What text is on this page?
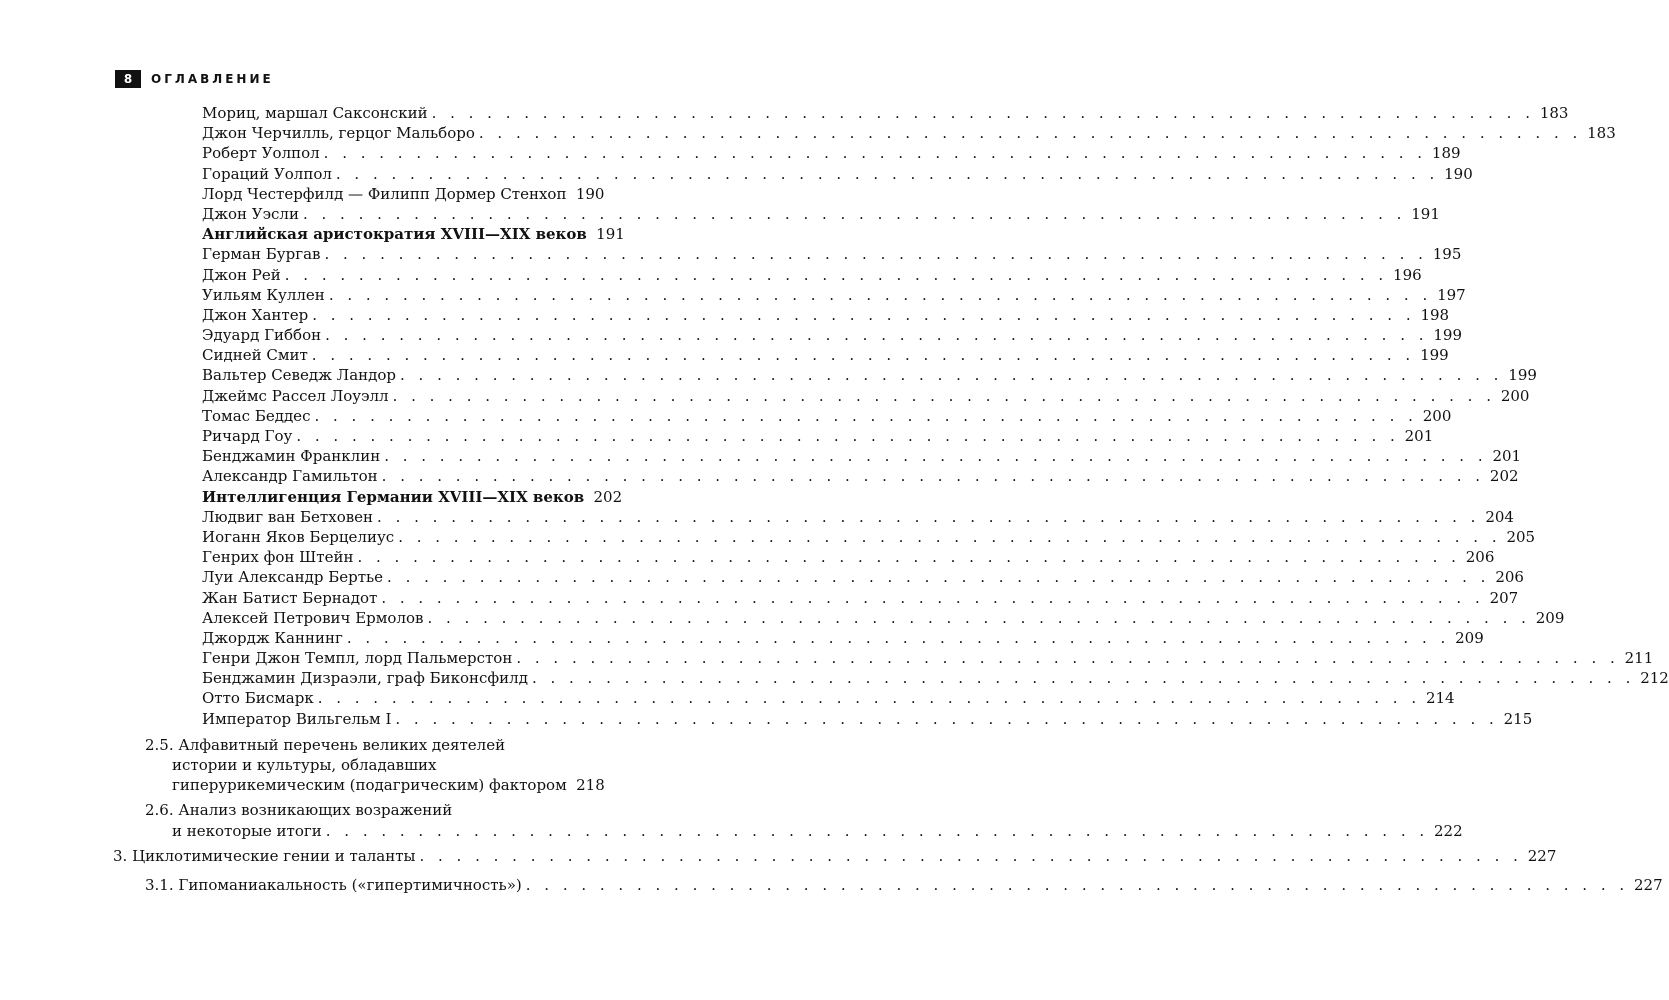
8	ОГЛАВЛЕНИЕ
Мориц, маршал Саксонский . . . . . . . . . . . . . . . . . . . . . . . . . . . . . . . . . . . . . . . . . . . . . . . . . . . . . . . . . . . . 183
Джон Черчилль, герцог Мальборо . . . . . . . . . . . . . . . . . . . . . . . . . . . . . . . . . . . . . . . . . . . . . . . . . . . . . . . . . . . . 183
Роберт Уолпол . . . . . . . . . . . . . . . . . . . . . . . . . . . . . . . . . . . . . . . . . . . . . . . . . . . . . . . . . . . . 189
Гораций Уолпол . . . . . . . . . . . . . . . . . . . . . . . . . . . . . . . . . . . . . . . . . . . . . . . . . . . . . . . . . . . . 190
Лорд Честерфилд — Филипп Дормер Стенхоп 190
Джон Уэсли . . . . . . . . . . . . . . . . . . . . . . . . . . . . . . . . . . . . . . . . . . . . . . . . . . . . . . . . . . . . 191
Английская аристократия XVIII—XIX веков 191
Герман Бургав . . . . . . . . . . . . . . . . . . . . . . . . . . . . . . . . . . . . . . . . . . . . . . . . . . . . . . . . . . . . 195
Джон Рей . . . . . . . . . . . . . . . . . . . . . . . . . . . . . . . . . . . . . . . . . . . . . . . . . . . . . . . . . . . . 196
Уильям Куллен . . . . . . . . . . . . . . . . . . . . . . . . . . . . . . . . . . . . . . . . . . . . . . . . . . . . . . . . . . . . 197
Джон Хантер . . . . . . . . . . . . . . . . . . . . . . . . . . . . . . . . . . . . . . . . . . . . . . . . . . . . . . . . . . . . 198
Эдуард Гиббон . . . . . . . . . . . . . . . . . . . . . . . . . . . . . . . . . . . . . . . . . . . . . . . . . . . . . . . . . . . . 199
Сидней Смит . . . . . . . . . . . . . . . . . . . . . . . . . . . . . . . . . . . . . . . . . . . . . . . . . . . . . . . . . . . . 199
Вальтер Севедж Ландор . . . . . . . . . . . . . . . . . . . . . . . . . . . . . . . . . . . . . . . . . . . . . . . . . . . . . . . . . . . . 199
Джеймс Рассел Лоуэлл . . . . . . . . . . . . . . . . . . . . . . . . . . . . . . . . . . . . . . . . . . . . . . . . . . . . . . . . . . . . 200
Томас Беддес . . . . . . . . . . . . . . . . . . . . . . . . . . . . . . . . . . . . . . . . . . . . . . . . . . . . . . . . . . . . 200
Ричард Гоу . . . . . . . . . . . . . . . . . . . . . . . . . . . . . . . . . . . . . . . . . . . . . . . . . . . . . . . . . . . . 201
Бенджамин Франклин . . . . . . . . . . . . . . . . . . . . . . . . . . . . . . . . . . . . . . . . . . . . . . . . . . . . . . . . . . . . 201
Александр Гамильтон . . . . . . . . . . . . . . . . . . . . . . . . . . . . . . . . . . . . . . . . . . . . . . . . . . . . . . . . . . . . 202
Интеллигенция Германии XVIII—XIX веков 202
Людвиг ван Бетховен . . . . . . . . . . . . . . . . . . . . . . . . . . . . . . . . . . . . . . . . . . . . . . . . . . . . . . . . . . . . 204
Иоганн Яков Берцелиус . . . . . . . . . . . . . . . . . . . . . . . . . . . . . . . . . . . . . . . . . . . . . . . . . . . . . . . . . . . . 205
Генрих фон Штейн . . . . . . . . . . . . . . . . . . . . . . . . . . . . . . . . . . . . . . . . . . . . . . . . . . . . . . . . . . . . 206
Луи Александр Бертье . . . . . . . . . . . . . . . . . . . . . . . . . . . . . . . . . . . . . . . . . . . . . . . . . . . . . . . . . . . . 206
Жан Батист Бернадот . . . . . . . . . . . . . . . . . . . . . . . . . . . . . . . . . . . . . . . . . . . . . . . . . . . . . . . . . . . . 207
Алексей Петрович Ермолов . . . . . . . . . . . . . . . . . . . . . . . . . . . . . . . . . . . . . . . . . . . . . . . . . . . . . . . . . . . . 209
Джордж Каннинг . . . . . . . . . . . . . . . . . . . . . . . . . . . . . . . . . . . . . . . . . . . . . . . . . . . . . . . . . . . . 209
Генри Джон Темпл, лорд Пальмерстон . . . . . . . . . . . . . . . . . . . . . . . . . . . . . . . . . . . . . . . . . . . . . . . . . . . . . . . . . . . . 211
Бенджамин Дизраэли, граф Биконсфилд . . . . . . . . . . . . . . . . . . . . . . . . . . . . . . . . . . . . . . . . . . . . . . . . . . . . . . . . . . . . 212
Отто Бисмарк . . . . . . . . . . . . . . . . . . . . . . . . . . . . . . . . . . . . . . . . . . . . . . . . . . . . . . . . . . . . 214
Император Вильгельм I . . . . . . . . . . . . . . . . . . . . . . . . . . . . . . . . . . . . . . . . . . . . . . . . . . . . . . . . . . . . 215
2.5. Алфавитный перечень великих деятелей
истории и культуры, обладавших
гиперурикемическим (подагрическим) фактором 218
2.6. Анализ возникающих возражений
и некоторые итоги . . . . . . . . . . . . . . . . . . . . . . . . . . . . . . . . . . . . . . . . . . . . . . . . . . . . . . . . . . . . 222
3. Циклотимические гении и таланты . . . . . . . . . . . . . . . . . . . . . . . . . . . . . . . . . . . . . . . . . . . . . . . . . . . . . . . . . . . . 227
3.1. Гипоманиакальность («гипертимичность») . . . . . . . . . . . . . . . . . . . . . . . . . . . . . . . . . . . . . . . . . . . . . . . . . . . . . . . . . . . . 227
